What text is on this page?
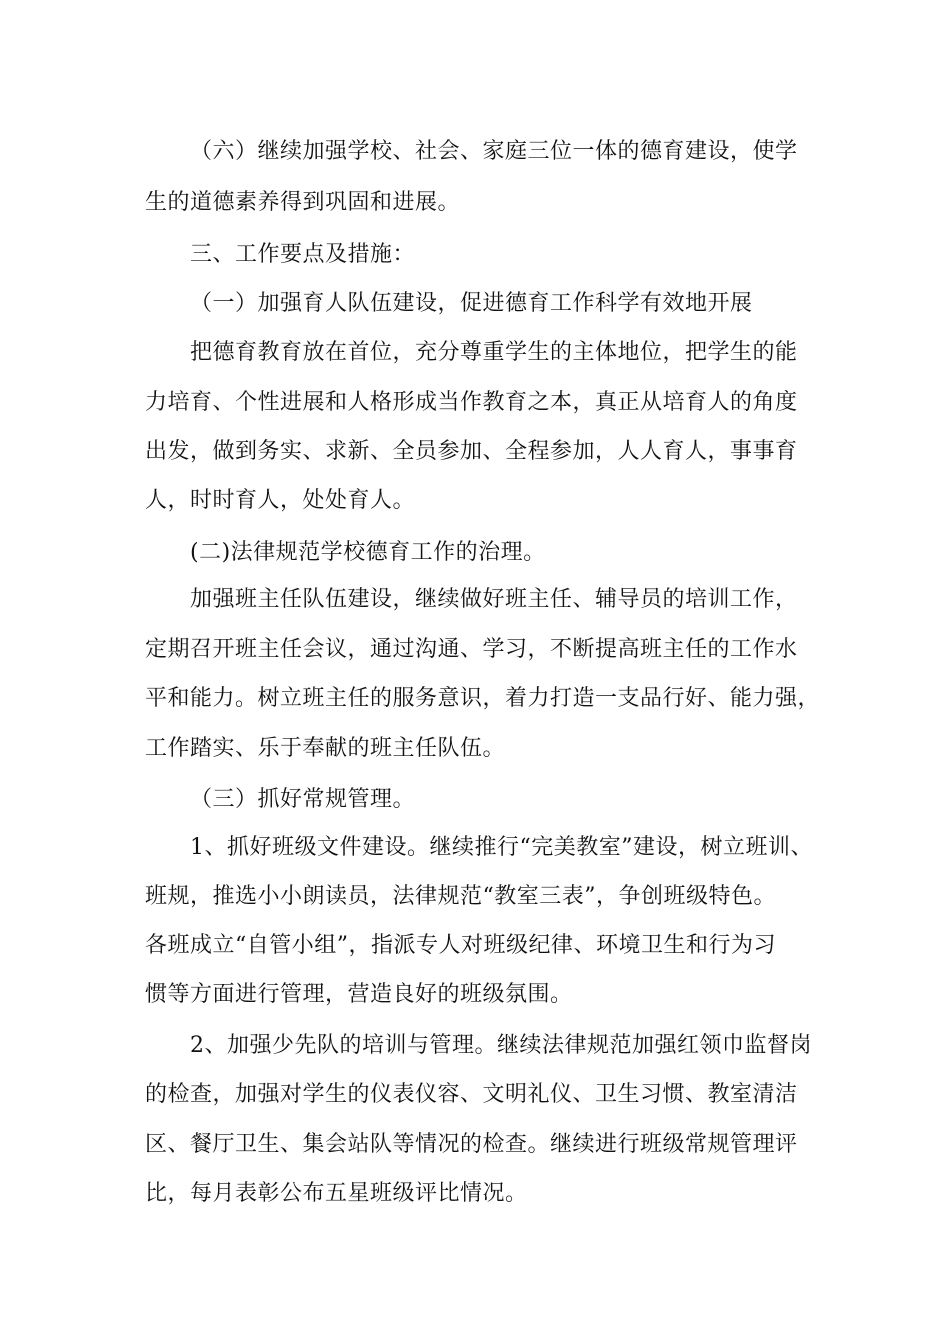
（六）继续加强学校、社会、家庭三位一体的德育建设，使学
生的道德素养得到巩固和进展。
三、工作要点及措施：
（一）加强育人队伍建设，促进德育工作科学有效地开展
把德育教育放在首位，充分尊重学生的主体地位，把学生的能
力培育、个性进展和人格形成当作教育之本，真正从培育人的角度
出发，做到务实、求新、全员参加、全程参加，人人育人，事事育
人，时时育人，处处育人。
(二)法律规范学校德育工作的治理。
加强班主任队伍建设，继续做好班主任、辅导员的培训工作，
定期召开班主任会议，通过沟通、学习，不断提高班主任的工作水
平和能力。树立班主任的服务意识，着力打造一支品行好、能力强，
工作踏实、乐于奉献的班主任队伍。
（三）抓好常规管理。
1、抓好班级文件建设。继续推行“完美教室”建设，树立班训、
班规，推选小小朗读员，法律规范“教室三表”，争创班级特色。
各班成立“自管小组”，指派专人对班级纪律、环境卫生和行为习
惯等方面进行管理，营造良好的班级氛围。
2、加强少先队的培训与管理。继续法律规范加强红领巾监督岗
的检查，加强对学生的仪表仪容、文明礼仪、卫生习惯、教室清洁
区、餐厅卫生、集会站队等情况的检查。继续进行班级常规管理评
比，每月表彰公布五星班级评比情况。
